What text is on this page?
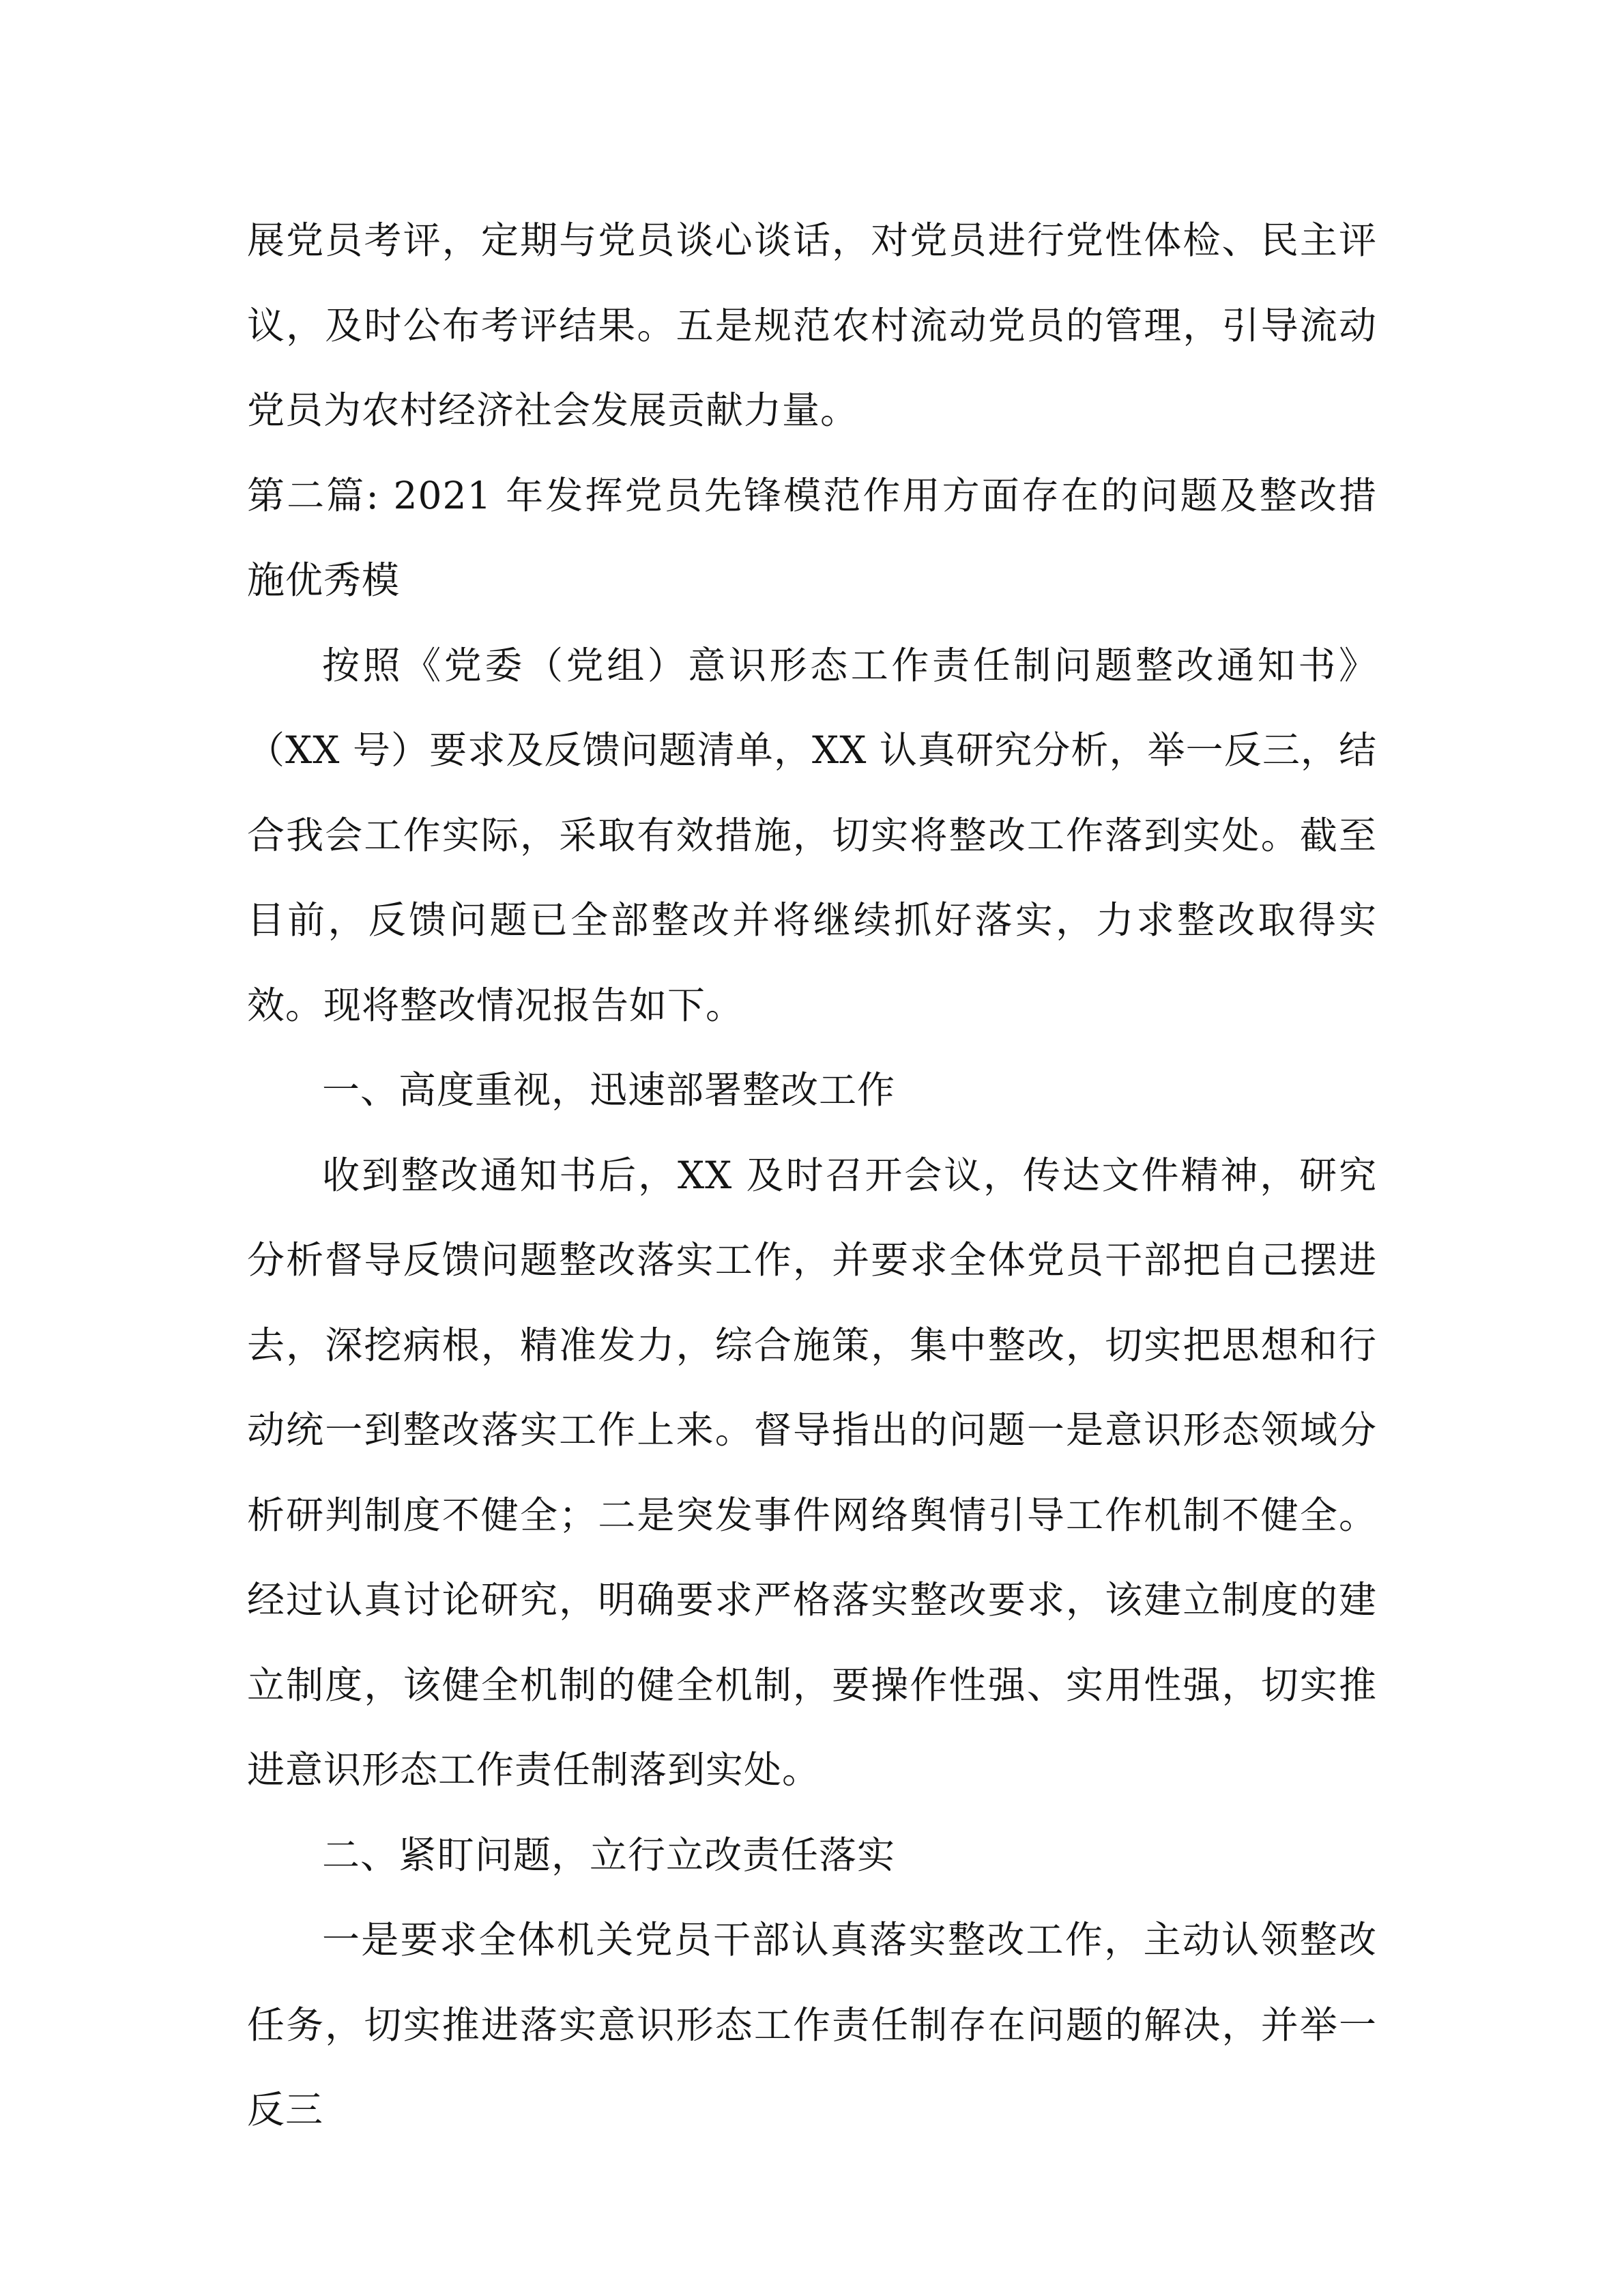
展党员考评，定期与党员谈心谈话，对党员进行党性体检、民主评议，及时公布考评结果。五是规范农村流动党员的管理，引导流动党员为农村经济社会发展贡献力量。

第二篇: 2021 年发挥党员先锋模范作用方面存在的问题及整改措施优秀模

按照《党委（党组）意识形态工作责任制问题整改通知书》（XX 号）要求及反馈问题清单，XX 认真研究分析，举一反三，结合我会工作实际，采取有效措施，切实将整改工作落到实处。截至目前，反馈问题已全部整改并将继续抓好落实，力求整改取得实效。现将整改情况报告如下。

一、高度重视，迅速部署整改工作

收到整改通知书后，XX 及时召开会议，传达文件精神，研究分析督导反馈问题整改落实工作，并要求全体党员干部把自己摆进去，深挖病根，精准发力，综合施策，集中整改，切实把思想和行动统一到整改落实工作上来。督导指出的问题一是意识形态领域分析研判制度不健全；二是突发事件网络舆情引导工作机制不健全。经过认真讨论研究，明确要求严格落实整改要求，该建立制度的建立制度，该健全机制的健全机制，要操作性强、实用性强，切实推进意识形态工作责任制落到实处。

二、紧盯问题，立行立改责任落实

一是要求全体机关党员干部认真落实整改工作，主动认领整改任务，切实推进落实意识形态工作责任制存在问题的解决，并举一反三
